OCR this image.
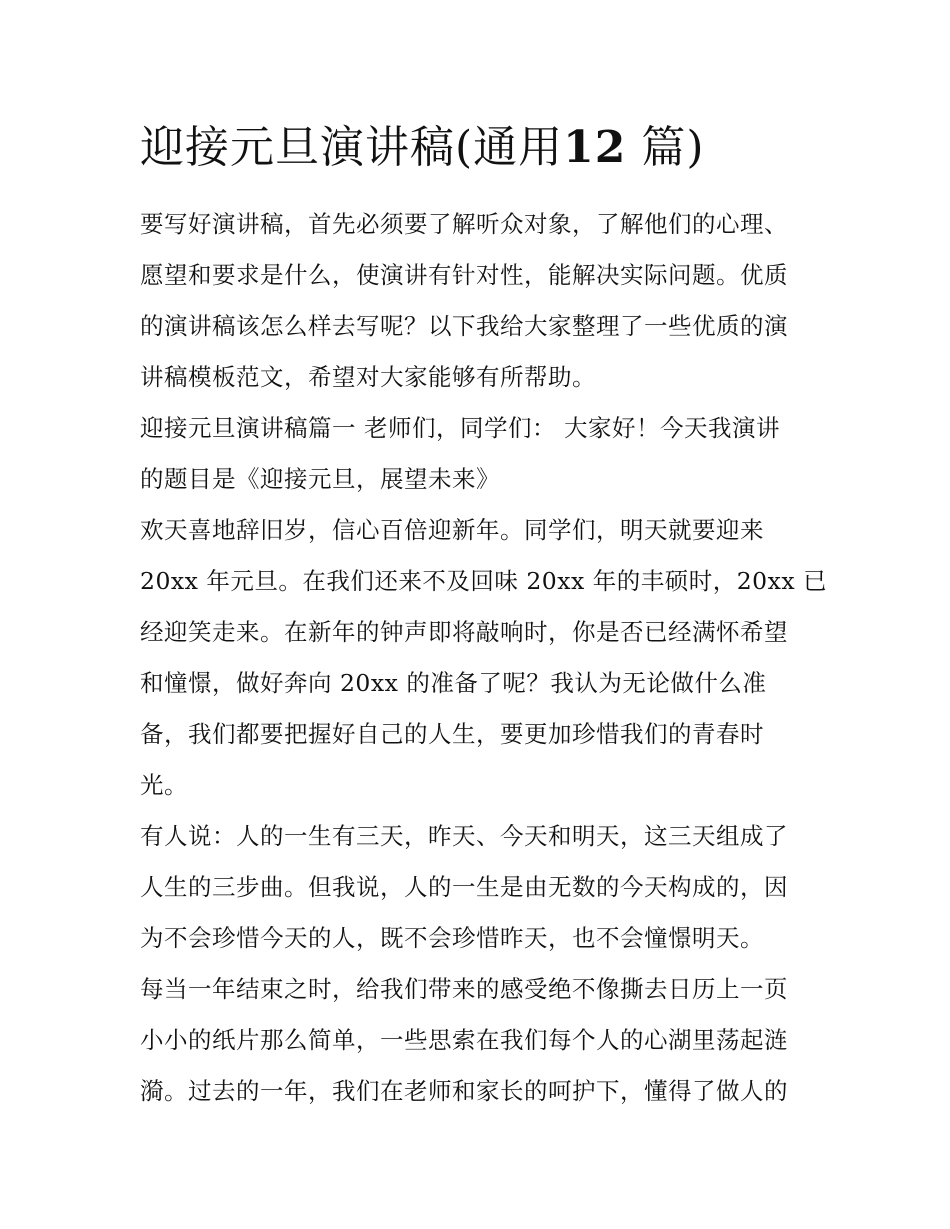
迎接元旦演讲稿(通用12 篇)
要写好演讲稿，首先必须要了解听众对象，了解他们的心理、
愿望和要求是什么，使演讲有针对性，能解决实际问题。优质
的演讲稿该怎么样去写呢？以下我给大家整理了一些优质的演
讲稿模板范文，希望对大家能够有所帮助。
迎接元旦演讲稿篇一 老师们，同学们： 大家好！今天我演讲
的题目是《迎接元旦，展望未来》
欢天喜地辞旧岁，信心百倍迎新年。同学们，明天就要迎来
20xx 年元旦。在我们还来不及回味 20xx 年的丰硕时，20xx 已
经迎笑走来。在新年的钟声即将敲响时，你是否已经满怀希望
和憧憬，做好奔向 20xx 的准备了呢？我认为无论做什么准
备，我们都要把握好自己的人生，要更加珍惜我们的青春时
光。
有人说：人的一生有三天，昨天、今天和明天，这三天组成了
人生的三步曲。但我说，人的一生是由无数的今天构成的，因
为不会珍惜今天的人，既不会珍惜昨天，也不会憧憬明天。
每当一年结束之时，给我们带来的感受绝不像撕去日历上一页
小小的纸片那么简单，一些思索在我们每个人的心湖里荡起涟
漪。过去的一年，我们在老师和家长的呵护下，懂得了做人的
